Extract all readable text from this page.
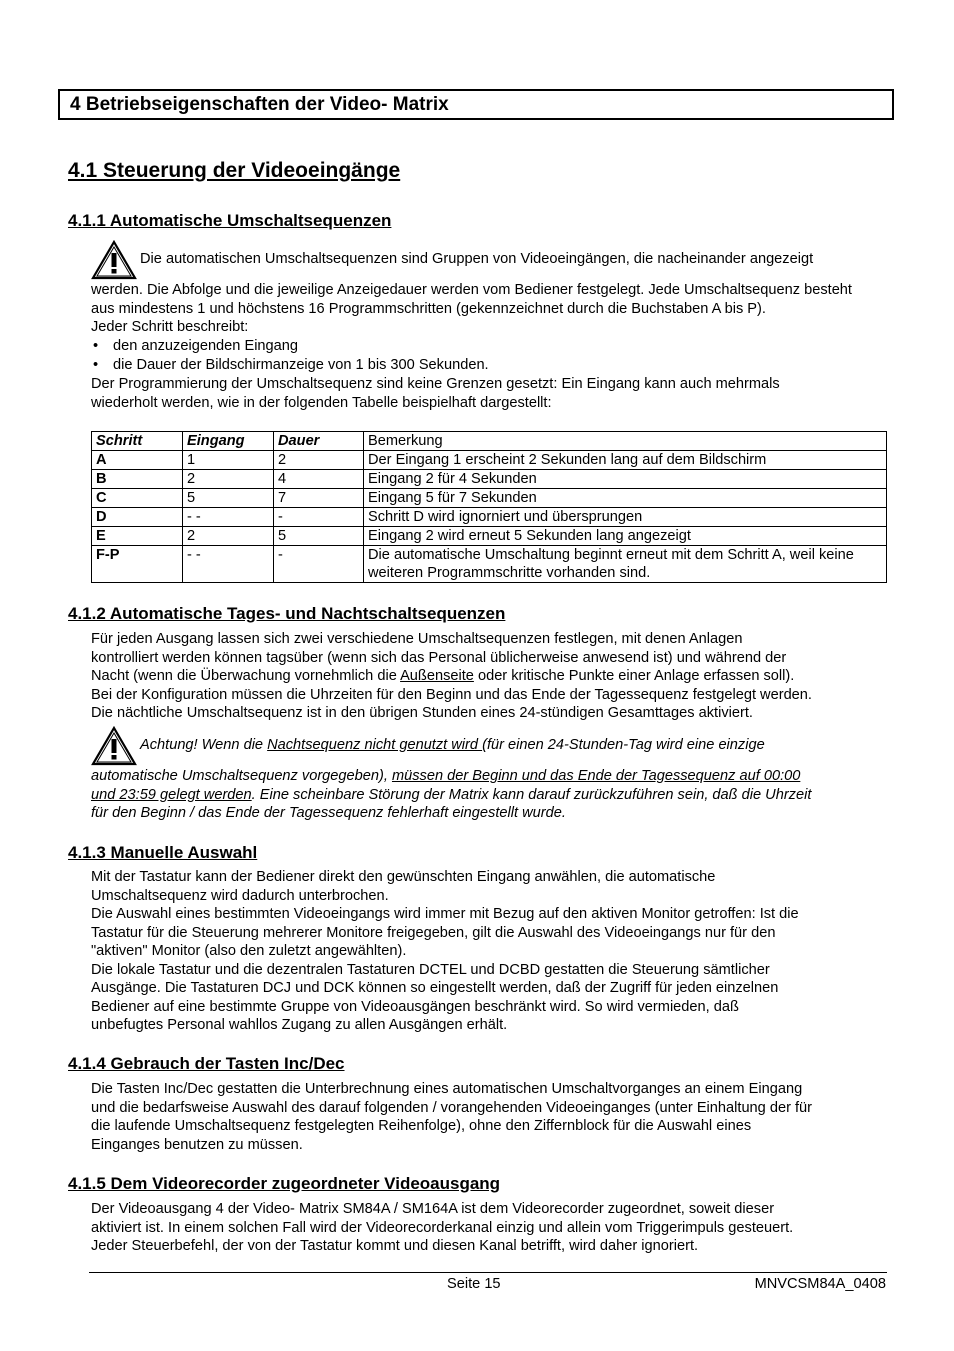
4 Betriebseigenschaften der Video- Matrix
4.1 Steuerung der Videoeingänge
4.1.1 Automatische Umschaltsequenzen
Die automatischen Umschaltsequenzen sind Gruppen von Videoeingängen, die nacheinander angezeigt
werden. Die Abfolge und die jeweilige Anzeigedauer werden vom Bediener festgelegt. Jede Umschaltsequenz besteht
aus mindestens 1 und höchstens 16 Programmschritten (gekennzeichnet durch die Buchstaben A bis P).
Jeder Schritt beschreibt:
• den anzuzeigenden Eingang
• die Dauer der Bildschirmanzeige von 1 bis 300 Sekunden.
Der Programmierung der Umschaltsequenz sind keine Grenzen gesetzt: Ein Eingang kann auch mehrmals
wiederholt werden, wie in der folgenden Tabelle beispielhaft dargestellt:
Schritt	Eingang	Dauer	Bemerkung
A	1	2	Der Eingang 1 erscheint 2 Sekunden lang auf dem Bildschirm
B	2	4	Eingang 2 für 4 Sekunden
C	5	7	Eingang 5 für 7 Sekunden
D	- -	-	Schritt D wird ignorniert und übersprungen
E	2	5	Eingang 2 wird erneut 5 Sekunden lang angezeigt
F-P	- -	-	Die automatische Umschaltung beginnt erneut mit dem Schritt A, weil keine weiteren Programmschritte vorhanden sind.
4.1.2 Automatische Tages- und Nachtschaltsequenzen
Für jeden Ausgang lassen sich zwei verschiedene Umschaltsequenzen festlegen, mit denen Anlagen
kontrolliert werden können tagsüber (wenn sich das Personal üblicherweise anwesend ist) und während der
Nacht (wenn die Überwachung vornehmlich die Außenseite oder kritische Punkte einer Anlage erfassen soll).
Bei der Konfiguration müssen die Uhrzeiten für den Beginn und das Ende der Tagessequenz festgelegt werden.
Die nächtliche Umschaltsequenz ist in den übrigen Stunden eines 24-stündigen Gesamttages aktiviert.
Achtung! Wenn die Nachtsequenz nicht genutzt wird (für einen 24-Stunden-Tag wird eine einzige
automatische Umschaltsequenz vorgegeben), müssen der Beginn und das Ende der Tagessequenz auf 00:00
und 23:59 gelegt werden. Eine scheinbare Störung der Matrix kann darauf zurückzuführen sein, daß die Uhrzeit
für den Beginn / das Ende der Tagessequenz fehlerhaft eingestellt wurde.
4.1.3 Manuelle Auswahl
Mit der Tastatur kann der Bediener direkt den gewünschten Eingang anwählen, die automatische
Umschaltsequenz wird dadurch unterbrochen.
Die Auswahl eines bestimmten Videoeingangs wird immer mit Bezug auf den aktiven Monitor getroffen: Ist die
Tastatur für die Steuerung mehrerer Monitore freigegeben, gilt die Auswahl des Videoeingangs nur für den
"aktiven" Monitor (also den zuletzt angewählten).
Die lokale Tastatur und die dezentralen Tastaturen DCTEL und DCBD gestatten die Steuerung sämtlicher
Ausgänge. Die Tastaturen DCJ und DCK können so eingestellt werden, daß der Zugriff für jeden einzelnen
Bediener auf eine bestimmte Gruppe von Videoausgängen beschränkt wird. So wird vermieden, daß
unbefugtes Personal wahllos Zugang zu allen Ausgängen erhält.
4.1.4 Gebrauch der Tasten Inc/Dec
Die Tasten Inc/Dec gestatten die Unterbrechnung eines automatischen Umschaltvorganges an einem Eingang
und die bedarfsweise Auswahl des darauf folgenden / vorangehenden Videoeinganges (unter Einhaltung der für
die laufende Umschaltsequenz festgelegten Reihenfolge), ohne den Ziffernblock für die Auswahl eines
Einganges benutzen zu müssen.
4.1.5 Dem Videorecorder zugeordneter Videoausgang
Der Videoausgang 4 der Video- Matrix SM84A / SM164A ist dem Videorecorder zugeordnet, soweit dieser
aktiviert ist. In einem solchen Fall wird der Videorecorderkanal einzig und allein vom Triggerimpuls gesteuert.
Jeder Steuerbefehl, der von der Tastatur kommt und diesen Kanal betrifft, wird daher ignoriert.
Seite 15	MNVCSM84A_0408
